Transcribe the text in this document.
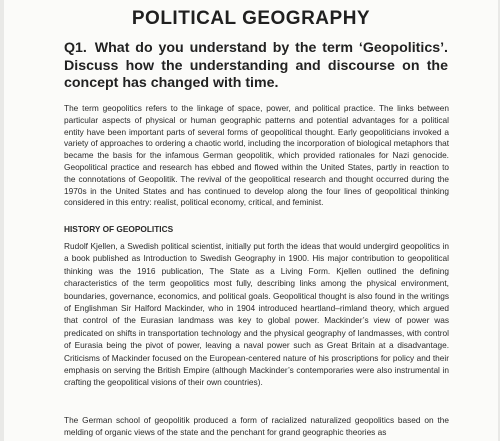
POLITICAL GEOGRAPHY

Q1. What do you understand by the term ‘Geopolitics’. Discuss how the understanding and discourse on the concept has changed with time.

The term geopolitics refers to the linkage of space, power, and political practice. The links between particular aspects of physical or human geographic patterns and potential advantages for a political entity have been important parts of several forms of geopolitical thought. Early geopoliticians invoked a variety of approaches to ordering a chaotic world, including the incorporation of biological metaphors that became the basis for the infamous German geopolitik, which provided rationales for Nazi genocide. Geopolitical practice and research has ebbed and flowed within the United States, partly in reaction to the connotations of Geopolitik. The revival of the geopolitical research and thought occurred during the 1970s in the United States and has continued to develop along the four lines of geopolitical thinking considered in this entry: realist, political economy, critical, and feminist.

HISTORY OF GEOPOLITICS

Rudolf Kjellen, a Swedish political scientist, initially put forth the ideas that would undergird geopolitics in a book published as Introduction to Swedish Geography in 1900. His major contribution to geopolitical thinking was the 1916 publication, The State as a Living Form. Kjellen outlined the defining characteristics of the term geopolitics most fully, describing links among the physical environment, boundaries, governance, economics, and political goals. Geopolitical thought is also found in the writings of Englishman Sir Halford Mackinder, who in 1904 introduced heartland–rimland theory, which argued that control of the Eurasian landmass was key to global power. Mackinder’s view of power was predicated on shifts in transportation technology and the physical geography of landmasses, with control of Eurasia being the pivot of power, leaving a naval power such as Great Britain at a disadvantage. Criticisms of Mackinder focused on the European-centered nature of his proscriptions for policy and their emphasis on serving the British Empire (although Mackinder’s contemporaries were also instrumental in crafting the geopolitical visions of their own countries).

The German school of geopolitik produced a form of racialized naturalized geopolitics based on the melding of organic views of the state and the penchant for grand geographic theories as
